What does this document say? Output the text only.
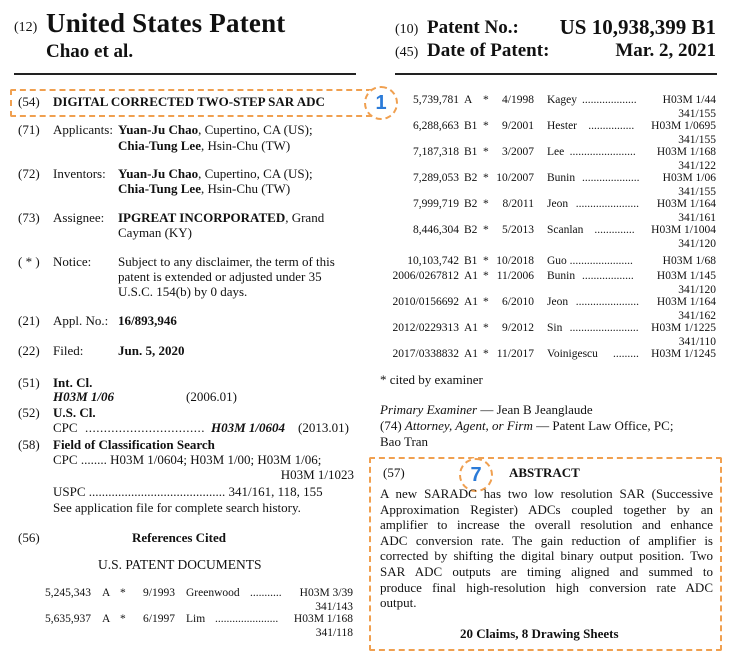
(12) United States Patent
Chao et al.
(10) Patent No.: US 10,938,399 B1
(45) Date of Patent:	Mar. 2, 2021
(54) DIGITAL CORRECTED TWO-STEP SAR ADC	1
(71) Applicants: Yuan-Ju Chao, Cupertino, CA (US);
Chia-Tung Lee, Hsin-Chu (TW)
(72) Inventors: Yuan-Ju Chao, Cupertino, CA (US);
Chia-Tung Lee, Hsin-Chu (TW)
(73) Assignee: IPGREAT INCORPORATED, Grand
Cayman (KY)
( * ) Notice: Subject to any disclaimer, the term of this
patent is extended or adjusted under 35
U.S.C. 154(b) by 0 days.
(21) Appl. No.: 16/893,946
(22) Filed:	Jun. 5, 2020
(51) Int. Cl.
H03M 1/06	(2006.01)
(52) U.S. Cl.
CPC ................................ H03M 1/0604 (2013.01)
(58) Field of Classification Search
CPC ........ H03M 1/0604; H03M 1/00; H03M 1/06;
H03M 1/1023
USPC .......................................... 341/161, 118, 155
See application file for complete search history.
(56)	References Cited
U.S. PATENT DOCUMENTS
5,245,343 A * 9/1993 Greenwood ........... H03M 3/39
341/143
5,635,937 A * 6/1997 Lim ...................... H03M 1/168
341/118
5,739,781 A * 4/1998 Kagey ................... H03M 1/44
341/155
6,288,663 B1 * 9/2001 Hester ................ H03M 1/0695
341/155
7,187,318 B1 * 3/2007 Lee ....................... H03M 1/168
341/122
7,289,053 B2 * 10/2007 Bunin .................... H03M 1/06
341/155
7,999,719 B2 * 8/2011 Jeon ...................... H03M 1/164
341/161
8,446,304 B2 * 5/2013 Scanlan .............. H03M 1/1004
341/120
10,103,742 B1 * 10/2018 Guo ......................	H03M 1/68
2006/0267812 A1 * 11/2006 Bunin .................. H03M 1/145
341/120
2010/0156692 A1 * 6/2010 Jeon ...................... H03M 1/164
341/162
2012/0229313 A1 * 9/2012 Sin ........................ H03M 1/1225
341/110
2017/0338832 A1 * 11/2017 Voinigescu ......... H03M 1/1245
* cited by examiner
Primary Examiner — Jean B Jeanglaude
(74) Attorney, Agent, or Firm — Patent Law Office, PC;
Bao Tran
(57)	ABSTRACT
7
A new SARADC has two low resolution SAR (Successive
Approximation Register) ADCs coupled together by an
amplifier to increase the overall resolution and enhance
ADC conversion rate. The gain reduction of amplifier is
corrected by shifting the digital binary output position. Two
SAR ADC outputs are timing aligned and summed to
produce final high-resolution high conversion rate ADC
output.
20 Claims, 8 Drawing Sheets
